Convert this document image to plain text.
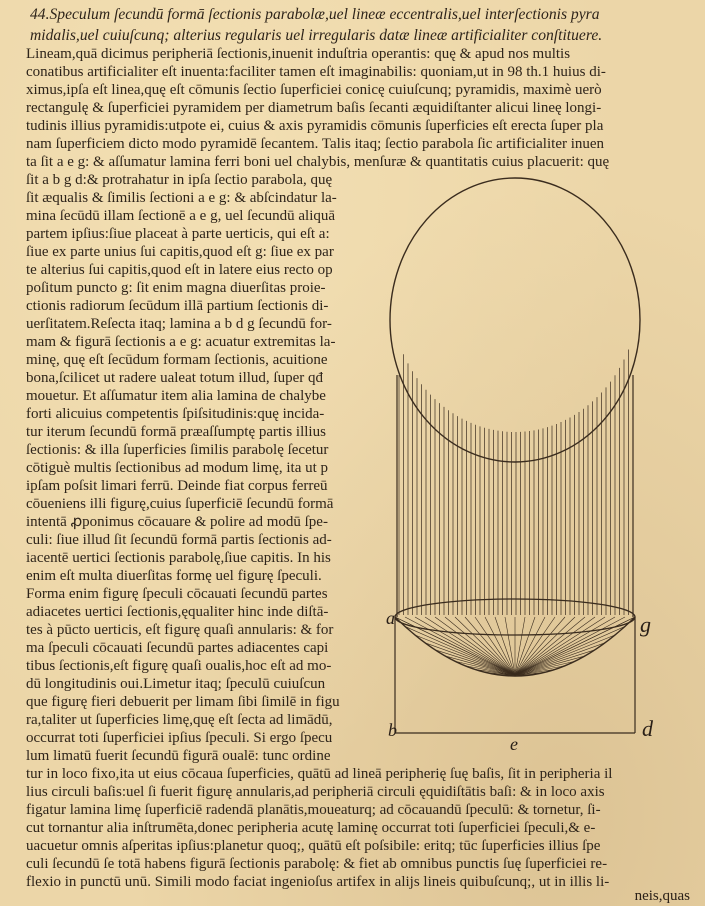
44.Speculum ſecundū formā ſectionis parabolæ,uel lineæ eccentralis,uel interſectionis pyra
midalis,uel cuiuſcunq; alterius regularis uel irregularis datæ lineæ artificialiter conſtituere.
Lineam,quā dicimus peripheriā ſectionis,inuenit induſtria operantis: quę & apud nos multis
conatibus artificialiter eſt inuenta:faciliter tamen eſt imaginabilis: quoniam,ut in 98 th.1 huius di-
ximus,ipſa eſt linea,quę eſt cōmunis ſectio ſuperficiei conicę cuiuſcunq; pyramidis, maximè uerò
rectangulę & ſuperficiei pyramidem per diametrum baſis ſecanti æquidiſtanter alicui lineę longi-
tudinis illius pyramidis:utpote ei, cuius & axis pyramidis cōmunis ſuperficies eſt erecta ſuper pla
nam ſuperficiem dicto modo pyramidē ſecantem. Talis itaq; ſectio parabola ſic artificialiter inuen
ta ſit a e g: & aſſumatur lamina ferri boni uel chalybis, menſuræ & quantitatis cuius placuerit: quę
ſit a b g d:& protrahatur in ipſa ſectio parabola, quę
ſit æqualis & ſimilis ſectioni a e g: & abſcindatur la-
mina ſecūdū illam ſectionē a e g, uel ſecundū aliquā
partem ipſius:ſiue placeat à parte uerticis, qui eſt a:
ſiue ex parte unius ſui capitis,quod eſt g: ſiue ex par
te alterius ſui capitis,quod eſt in latere eius recto op
poſitum puncto g: ſit enim magna diuerſitas proie-
ctionis radiorum ſecūdum illā partium ſectionis di-
uerſitatem.Reſecta itaq; lamina a b d g ſecundū for-
mam & figurā ſectionis a e g: acuatur extremitas la-
minę, quę eſt ſecūdum formam ſectionis, acuitione
bona,ſcilicet ut radere ualeat totum illud, ſuper qđ
mouetur. Et aſſumatur item alia lamina de chalybe
forti alicuius competentis ſpiſsitudinis:quę incida-
tur iterum ſecundū formā præaſſumptę partis illius
ſectionis: & illa ſuperficies ſimilis parabolę ſecetur
cōtiguè multis ſectionibus ad modum limę, ita ut p
ipſam poſsit limari ferrū. Deinde fiat corpus ferreū
cōueniens illi figurę,cuius ſuperficiē ſecundū formā
intentā ꝓponimus cōcauare & polire ad modū ſpe-
culi: ſiue illud ſit ſecundū formā partis ſectionis ad-
iacentē uertici ſectionis parabolę,ſiue capitis. In his
enim eſt multa diuerſitas formę uel figurę ſpeculi.
Forma enim figurę ſpeculi cōcauati ſecundū partes
adiacetes uertici ſectionis,ęqualiter hinc inde diſtā-
tes à pūcto uerticis, eſt figurę quaſi annularis: & for
ma ſpeculi cōcauati ſecundū partes adiacentes capi
tibus ſectionis,eſt figurę quaſi oualis,hoc eſt ad mo-
dū longitudinis oui.Limetur itaq; ſpeculū cuiuſcun
que figurę fieri debuerit per limam ſibi ſimilē in figu
ra,taliter ut ſuperficies limę,quę eſt ſecta ad limādū,
occurrat toti ſuperficiei ipſius ſpeculi. Si ergo ſpecu
lum limatū fuerit ſecundū figurā oualē: tunc ordine
tur in loco fixo,ita ut eius cōcaua ſuperficies, quātū ad lineā peripherię ſuę baſis, ſit in peripheria il
lius circuli baſis:uel ſi fuerit figurę annularis,ad peripheriā circuli ęquidiſtātis baſi: & in loco axis
figatur lamina limę ſuperficiē radendā planātis,moueaturq; ad cōcauandū ſpeculū: & tornetur, ſi-
cut tornantur alia inſtrumēta,donec peripheria acutę laminę occurrat toti ſuperficiei ſpeculi,& e-
uacuetur omnis aſperitas ipſius:planetur quoq;, quātū eſt poſsibile: eritq; tūc ſuperficies illius ſpe
culi ſecundū ſe totā habens figurā ſectionis parabolę: & fiet ab omnibus punctis ſuę ſuperficiei re-
flexio in punctū unū. Simili modo faciat ingenioſus artifex in alijs lineis quibuſcunq;, ut in illis li-
neis,quas
a	g
b	d
e
